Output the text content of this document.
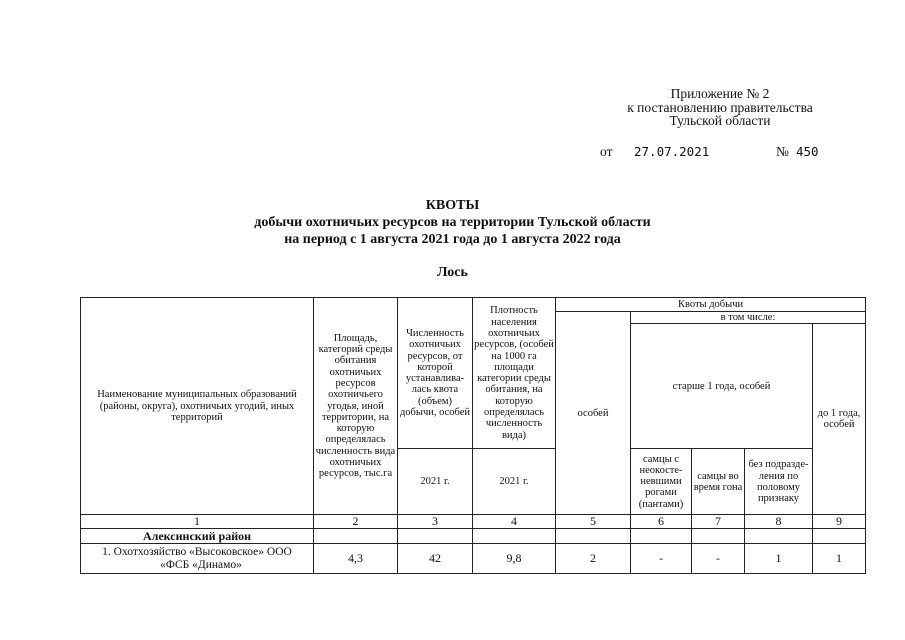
Приложение № 2
к постановлению правительства
Тульской области
от 27.07.2021	№ 450
КВОТЫ
добычи охотничьих ресурсов на территории Тульской области
на период с 1 августа 2021 года до 1 августа 2022 года
Лось
Наименование муниципальных образований (районы, округа), охотничьих угодий, иных территорий	Площадь, категорий среды обитания охотничьих ресурсов охотничьего угодья, иной территории, на которую определялась численность вида охотничьих ресурсов, тыс.га	Численность охотничьих ресурсов, от которой устанавлива-лась квота (объем) добычи, особей	Плотность населения охотничьих ресурсов, (особей на 1000 га площади категории среды обитания, на которую определялась численность вида)	Квоты добычи				
				особей	в том числе:			
					старше 1 года, особей			до 1 года, особей
					самцы с неокосте-невшими рогами (пантами)	самцы во время гона	без подразде-ления по половому признаку	
		2021 г.	2021 г.					
1	2	3	4	5	6	7	8	9
Алексинский район								

1. Охотхозяйство «Высоковское» ООО
«ФСБ «Динамо»	4,3	42	9,8	2	-	-	1	1
